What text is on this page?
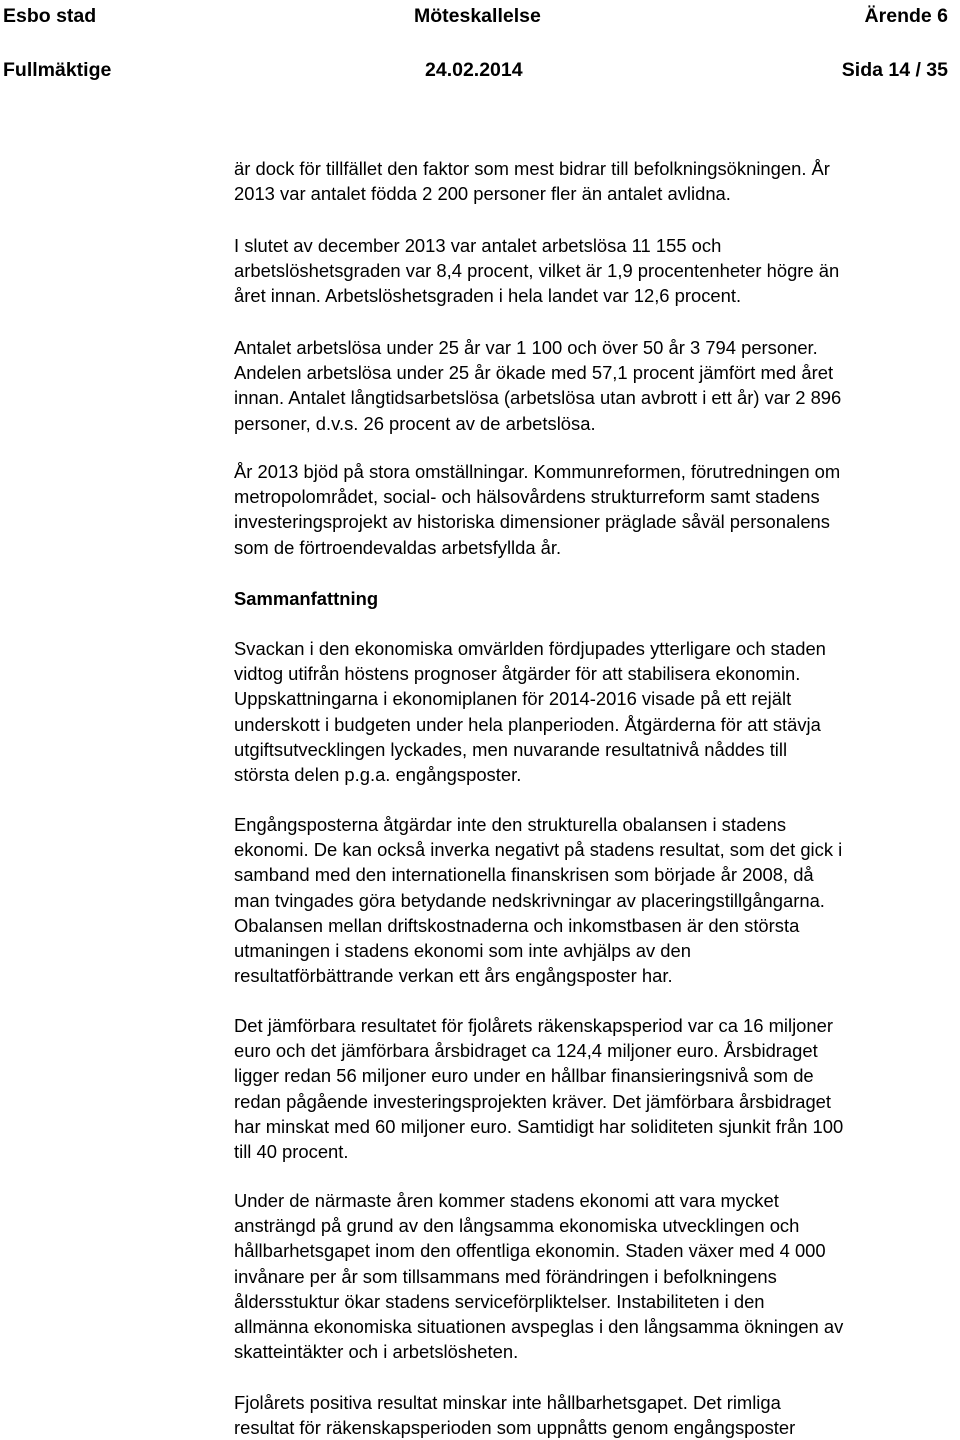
Esbo stad	Möteskallelse	Ärende 6
Fullmäktige	24.02.2014	Sida 14 / 35

är dock för tillfället den faktor som mest bidrar till befolkningsökningen. År
2013 var antalet födda 2 200 personer fler än antalet avlidna.

I slutet av december 2013 var antalet arbetslösa 11 155 och
arbetslöshetsgraden var 8,4 procent, vilket är 1,9 procentenheter högre än
året innan. Arbetslöshetsgraden i hela landet var 12,6 procent.

Antalet arbetslösa under 25 år var 1 100 och över 50 år 3 794 personer.
Andelen arbetslösa under 25 år ökade med 57,1 procent jämfört med året
innan. Antalet långtidsarbetslösa (arbetslösa utan avbrott i ett år) var 2 896
personer, d.v.s. 26 procent av de arbetslösa.

År 2013 bjöd på stora omställningar. Kommunreformen, förutredningen om
metropolområdet, social- och hälsovårdens strukturreform samt stadens
investeringsprojekt av historiska dimensioner präglade såväl personalens
som de förtroendevaldas arbetsfyllda år.

Sammanfattning

Svackan i den ekonomiska omvärlden fördjupades ytterligare och staden
vidtog utifrån höstens prognoser åtgärder för att stabilisera ekonomin.
Uppskattningarna i ekonomiplanen för 2014-2016 visade på ett rejält
underskott i budgeten under hela planperioden. Åtgärderna för att stävja
utgiftsutvecklingen lyckades, men nuvarande resultatnivå nåddes till
största delen p.g.a. engångsposter.

Engångsposterna åtgärdar inte den strukturella obalansen i stadens
ekonomi. De kan också inverka negativt på stadens resultat, som det gick i
samband med den internationella finanskrisen som började år 2008, då
man tvingades göra betydande nedskrivningar av placeringstillgångarna.
Obalansen mellan driftskostnaderna och inkomstbasen är den största
utmaningen i stadens ekonomi som inte avhjälps av den
resultatförbättrande verkan ett års engångsposter har.

Det jämförbara resultatet för fjolårets räkenskapsperiod var ca 16 miljoner
euro och det jämförbara årsbidraget ca 124,4 miljoner euro. Årsbidraget
ligger redan 56 miljoner euro under en hållbar finansieringsnivå som de
redan pågående investeringsprojekten kräver. Det jämförbara årsbidraget
har minskat med 60 miljoner euro. Samtidigt har soliditeten sjunkit från 100
till 40 procent.

Under de närmaste åren kommer stadens ekonomi att vara mycket
ansträngd på grund av den långsamma ekonomiska utvecklingen och
hållbarhetsgapet inom den offentliga ekonomin. Staden växer med 4 000
invånare per år som tillsammans med förändringen i befolkningens
åldersstuktur ökar stadens serviceförpliktelser. Instabiliteten i den
allmänna ekonomiska situationen avspeglas i den långsamma ökningen av
skatteintäkter och i arbetslösheten.

Fjolårets positiva resultat minskar inte hållbarhetsgapet. Det rimliga
resultat för räkenskapsperioden som uppnåtts genom engångsposter
